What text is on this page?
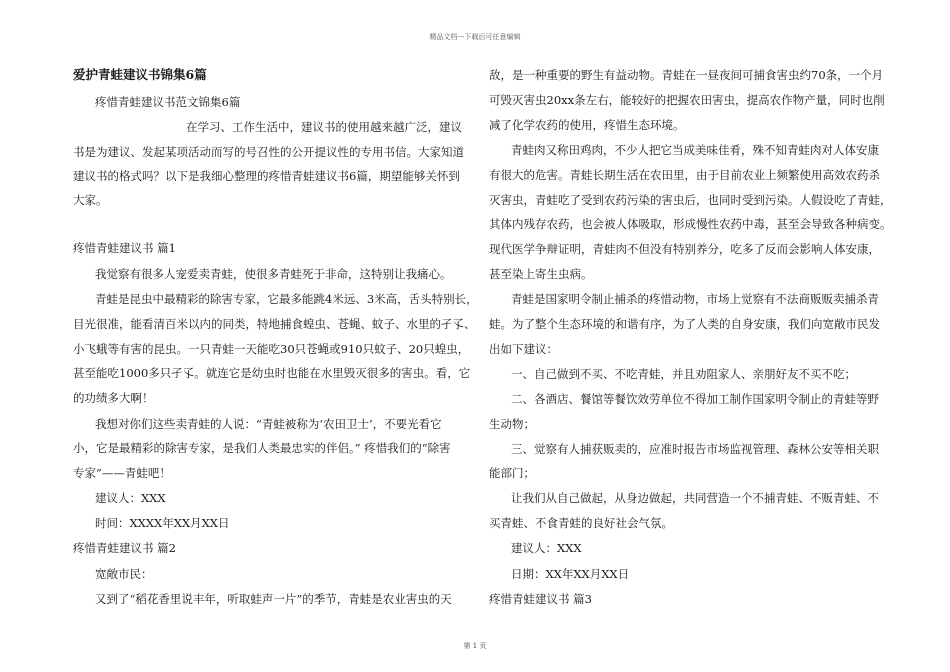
精品文档---下载后可任意编辑

爱护青蛙建议书锦集6篇

疼惜青蛙建议书范文锦集6篇

在学习、工作生活中，建议书的使用越来越广泛，建议

书是为建议、发起某项活动而写的号召性的公开提议性的专用书信。大家知道

建议书的格式吗？以下是我细心整理的疼惜青蛙建议书6篇，期望能够关怀到

大家。

疼惜青蛙建议书 篇1

我觉察有很多人宠爱卖青蛙，使很多青蛙死于非命，这特别让我痛心。

青蛙是昆虫中最精彩的除害专家，它最多能跳4米远、3米高，舌头特别长，

目光很准，能看清百米以内的同类，特地捕食蝗虫、苍蝇、蚊子、水里的孑孓、

小飞蛾等有害的昆虫。一只青蛙一天能吃30只苍蝇或910只蚊子、20只蝗虫，

甚至能吃1000多只孑孓。就连它是幼虫时也能在水里毁灭很多的害虫。看，它

的功绩多大啊！

我想对你们这些卖青蛙的人说：“青蛙被称为‘农田卫士’，不要光看它

小，它是最精彩的除害专家，是我们人类最忠实的伴侣。” 疼惜我们的“除害

专家”——青蛙吧！

建议人：XXX

时间：XXXX年XX月XX日

疼惜青蛙建议书 篇2

宽敞市民：

又到了“稻花香里说丰年，听取蛙声一片”的季节，青蛙是农业害虫的天

敌，是一种重要的野生有益动物。青蛙在一昼夜间可捕食害虫约70条，一个月

可毁灭害虫20xx条左右，能较好的把握农田害虫，提高农作物产量，同时也削

减了化学农药的使用，疼惜生态环境。

青蛙肉又称田鸡肉，不少人把它当成美味佳肴，殊不知青蛙肉对人体安康

有很大的危害。青蛙长期生活在农田里，由于目前农业上频繁使用高效农药杀

灭害虫，青蛙吃了受到农药污染的害虫后，也同时受到污染。人假设吃了青蛙，

其体内残存农药，也会被人体吸取，形成慢性农药中毒，甚至会导致各种病变。

现代医学争辩证明，青蛙肉不但没有特别养分，吃多了反而会影响人体安康，

甚至染上寄生虫病。

青蛙是国家明令制止捕杀的疼惜动物，市场上觉察有不法商贩贩卖捕杀青

蛙。为了整个生态环境的和谐有序，为了人类的自身安康，我们向宽敞市民发

出如下建议：

一、自己做到不买、不吃青蛙，并且劝阻家人、亲朋好友不买不吃；

二、各酒店、餐馆等餐饮效劳单位不得加工制作国家明令制止的青蛙等野

生动物；

三、觉察有人捕获贩卖的，应准时报告市场监视管理、森林公安等相关职

能部门；

让我们从自己做起，从身边做起，共同营造一个不捕青蛙、不贩青蛙、不

买青蛙、不食青蛙的良好社会气氛。

建议人：XXX

日期：XX年XX月XX日

疼惜青蛙建议书 篇3

第 1 页
